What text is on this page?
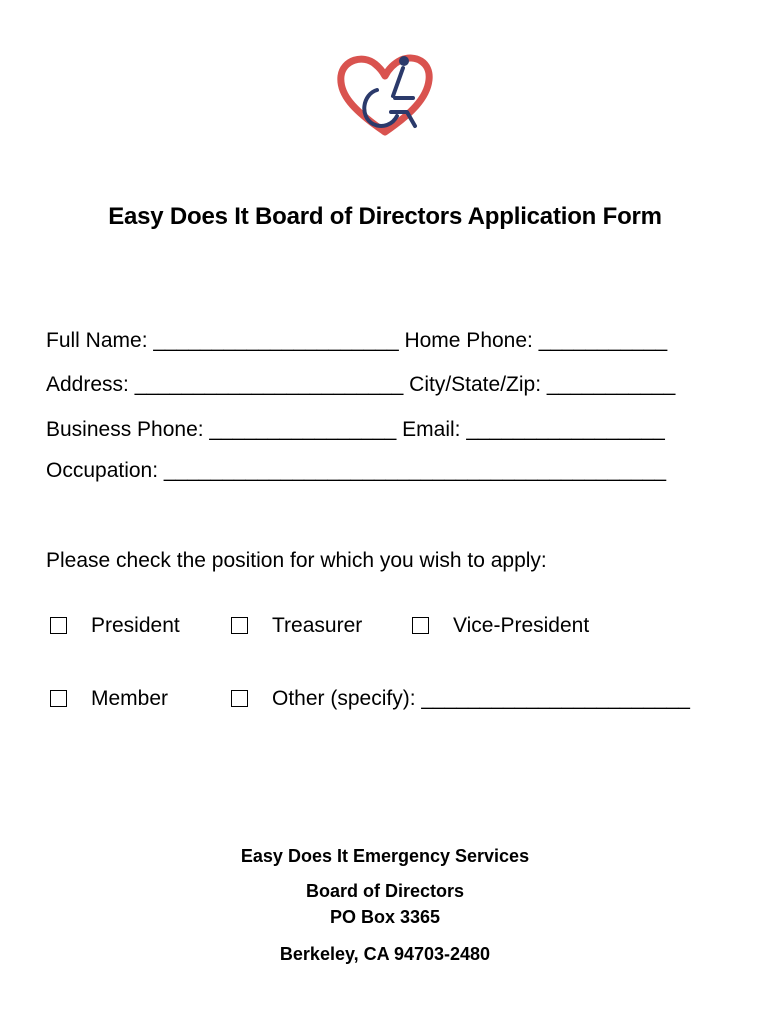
Easy Does It Board of Directors Application Form
Full Name: _____________________ Home Phone: ___________
Address: _______________________ City/State/Zip: ___________
Business Phone: ________________ Email: _________________
Occupation: ___________________________________________
Please check the position for which you wish to apply:
President	Treasurer	Vice-President
Member	Other (specify): _______________________
Easy Does It Emergency Services
Board of Directors
PO Box 3365
Berkeley, CA 94703-2480
